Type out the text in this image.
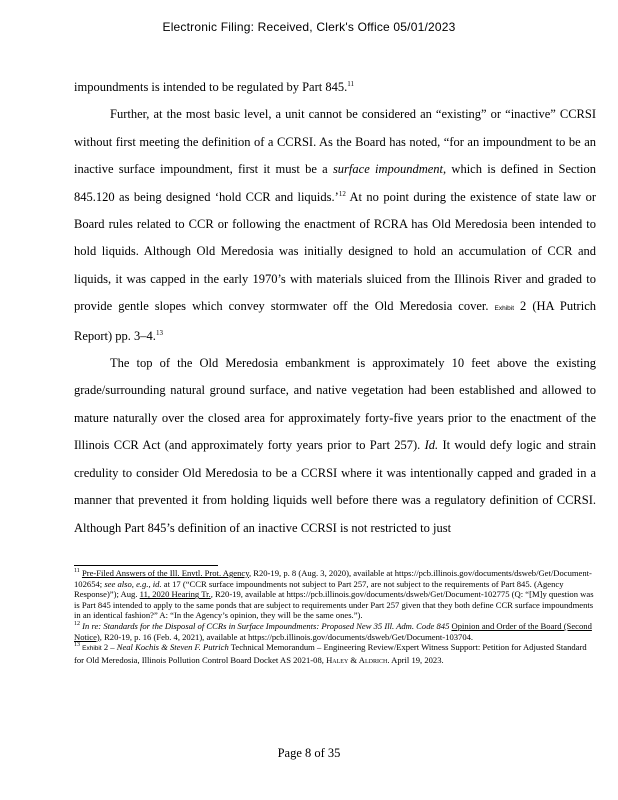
Electronic Filing: Received, Clerk's Office 05/01/2023

impoundments is intended to be regulated by Part 845.11

Further, at the most basic level, a unit cannot be considered an “existing” or “inactive” CCRSI without first meeting the definition of a CCRSI. As the Board has noted, “for an impoundment to be an inactive surface impoundment, first it must be a surface impoundment, which is defined in Section 845.120 as being designed ‘hold CCR and liquids.’$^{12}$ At no point during the existence of state law or Board rules related to CCR or following the enactment of RCRA has Old Meredosia been intended to hold liquids. Although Old Meredosia was initially designed to hold an accumulation of CCR and liquids, it was capped in the early 1970’s with materials sluiced from the Illinois River and graded to provide gentle slopes which convey stormwater off the Old Meredosia cover. Exhibit 2 (HA Putrich Report) pp. 3–4.13

The top of the Old Meredosia embankment is approximately 10 feet above the existing grade/surrounding natural ground surface, and native vegetation had been established and allowed to mature naturally over the closed area for approximately forty-five years prior to the enactment of the Illinois CCR Act (and approximately forty years prior to Part 257). Id. It would defy logic and strain credulity to consider Old Meredosia to be a CCRSI where it was intentionally capped and graded in a manner that prevented it from holding liquids well before there was a regulatory definition of CCRSI. Although Part 845’s definition of an inactive CCRSI is not restricted to just

$^{11}$ Pre-Filed Answers of the Ill. Envtl. Prot. Agency, R20-19, p. 8 (Aug. 3, 2020), available at https://pcb.illinois.gov/documents/dsweb/Get/Document-102654; see also, e.g., id. at 17 (“CCR surface impoundments not subject to Part 257, are not subject to the requirements of Part 845. (Agency Response)”); Aug. 11, 2020 Hearing Tr., R20-19, available at https://pcb.illinois.gov/documents/dsweb/Get/Document-102775 (Q: “[M]y question was is Part 845 intended to apply to the same ponds that are subject to requirements under Part 257 given that they both define CCR surface impoundments in an identical fashion?” A: “In the Agency’s opinion, they will be the same ones.”).

$^{12}$ In re: Standards for the Disposal of CCRs in Surface Impoundments: Proposed New 35 Ill. Adm. Code 845 Opinion and Order of the Board (Second Notice), R20-19, p. 16 (Feb. 4, 2021), available at https://pcb.illinois.gov/documents/dsweb/Get/Document-103704.

$^{13}$ Exhibit 2 – Neal Kochis & Steven F. Putrich Technical Memorandum – Engineering Review/Expert Witness Support: Petition for Adjusted Standard for Old Meredosia, Illinois Pollution Control Board Docket AS 2021-08, Haley & Aldrich. April 19, 2023.

Page 8 of 35
